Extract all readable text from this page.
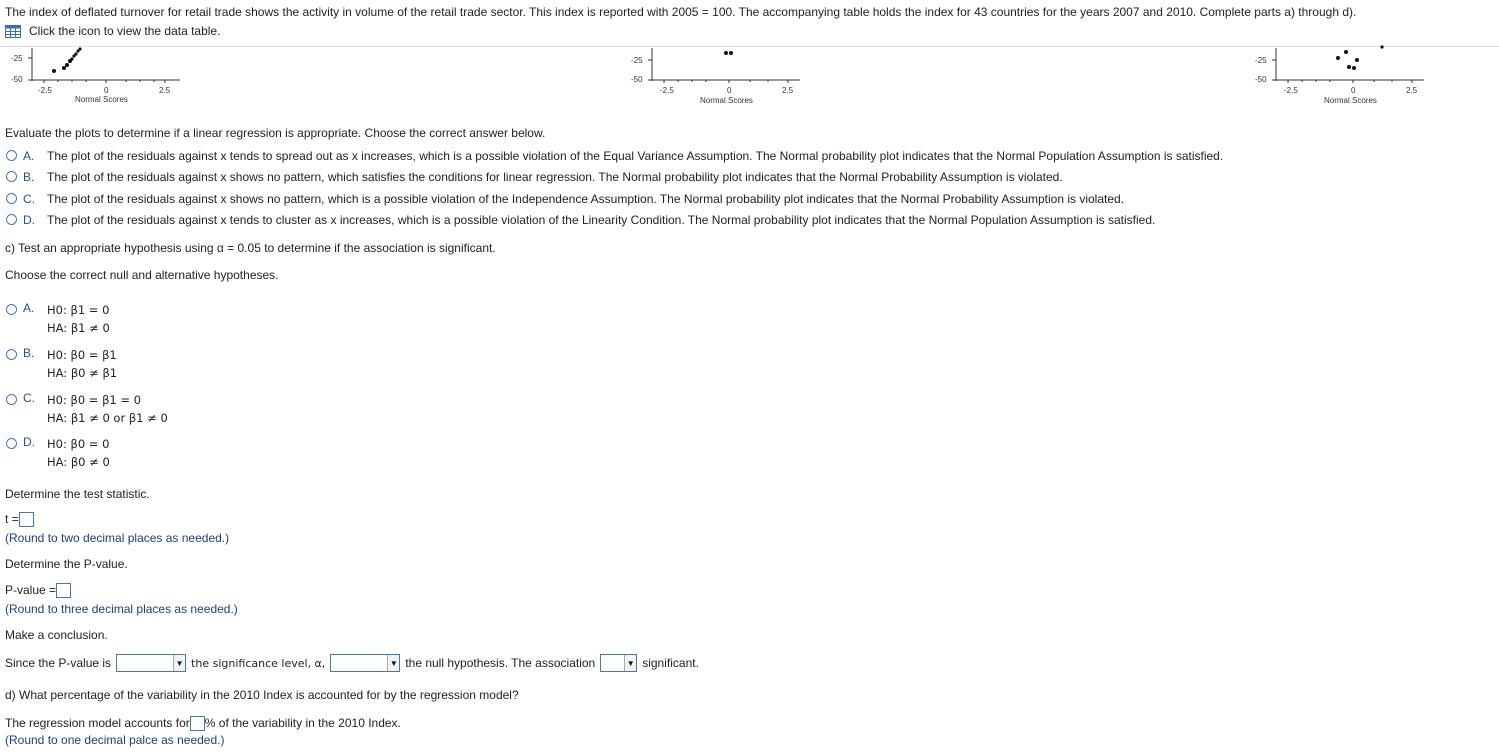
The index of deflated turnover for retail trade shows the activity in volume of the retail trade sector. This index is reported with 2005 = 100. The accompanying table holds the index for 43 countries for the years 2007 and 2010. Complete parts a) through d).
Click the icon to view the data table.
-25
-50
-2.5	0	2.5
Normal Scores
-25
-50
-2.5	0	2.5
Normal Scores
-25
-50
-2.5	0	2.5
Normal Scores
Evaluate the plots to determine if a linear regression is appropriate. Choose the correct answer below.
A.	The plot of the residuals against x tends to spread out as x increases, which is a possible violation of the Equal Variance Assumption. The Normal probability plot indicates that the Normal Population Assumption is satisfied.
B.	The plot of the residuals against x shows no pattern, which satisfies the conditions for linear regression. The Normal probability plot indicates that the Normal Probability Assumption is violated.
C.	The plot of the residuals against x shows no pattern, which is a possible violation of the Independence Assumption. The Normal probability plot indicates that the Normal Probability Assumption is violated.
D.	The plot of the residuals against x tends to cluster as x increases, which is a possible violation of the Linearity Condition. The Normal probability plot indicates that the Normal Population Assumption is satisfied.
c) Test an appropriate hypothesis using α = 0.05 to determine if the association is significant.
Choose the correct null and alternative hypotheses.
A.	H0: β1 = 0
HA: β1 ≠ 0
B.	H0: β0 = β1
HA: β0 ≠ β1
C.	H0: β0 = β1 = 0
HA: β1 ≠ 0 or β1 ≠ 0
D.	H0: β0 = 0
HA: β0 ≠ 0
Determine the test statistic.
t =
(Round to two decimal places as needed.)
Determine the P-value.
P-value =
(Round to three decimal places as needed.)
Make a conclusion.
Since the P-value is	▼ the significance level, α,	▼ the null hypothesis. The association	▼ significant.
d) What percentage of the variability in the 2010 Index is accounted for by the regression model?
The regression model accounts for % of the variability in the 2010 Index.
(Round to one decimal palce as needed.)
